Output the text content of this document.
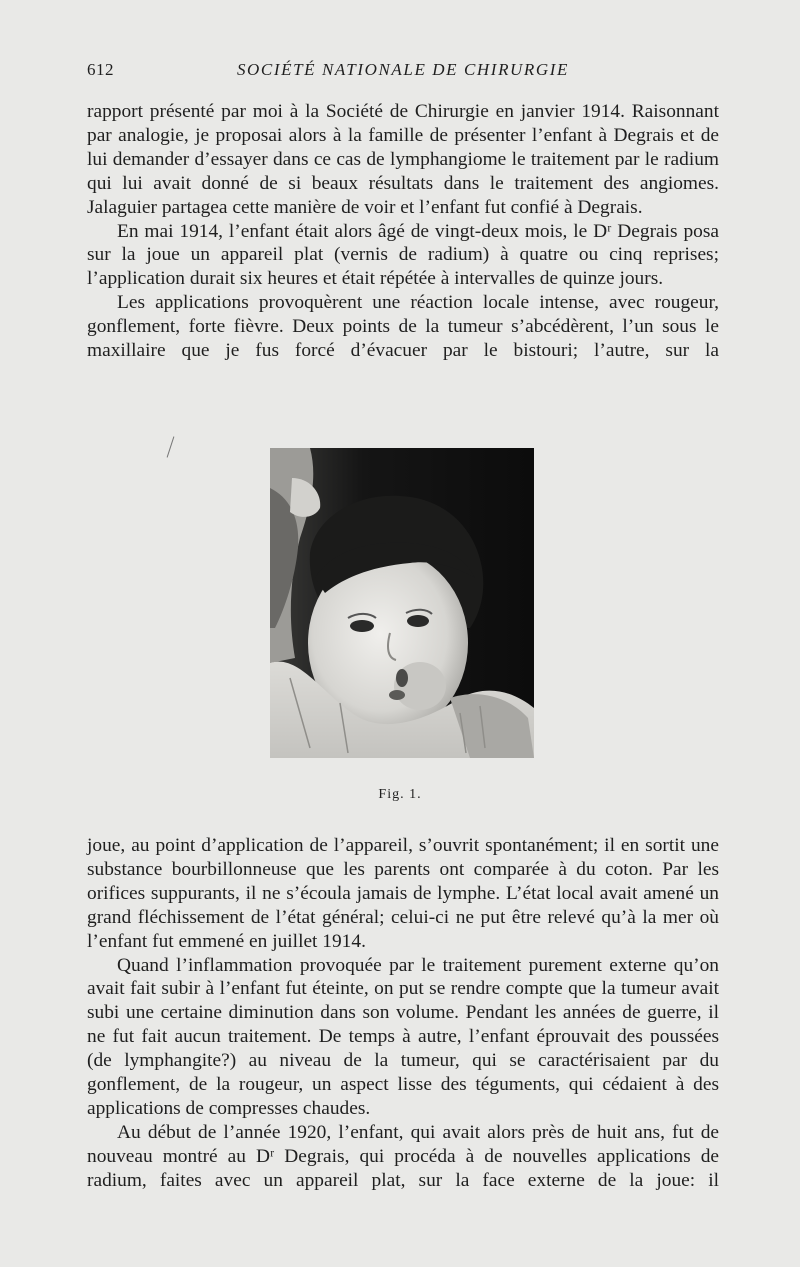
612	SOCIÉTÉ NATIONALE DE CHIRURGIE

rapport présenté par moi à la Société de Chirurgie en janvier 1914. Raisonnant par analogie, je proposai alors à la famille de présenter l’enfant à Degrais et de lui demander d’essayer dans ce cas de lymphangiome le traitement par le radium qui lui avait donné de si beaux résultats dans le traitement des angiomes. Jalaguier partagea cette manière de voir et l’enfant fut confié à Degrais.

En mai 1914, l’enfant était alors âgé de vingt-deux mois, le Dʳ Degrais posa sur la joue un appareil plat (vernis de radium) à quatre ou cinq reprises; l’application durait six heures et était répétée à intervalles de quinze jours.

Les applications provoquèrent une réaction locale intense, avec rougeur, gonflement, forte fièvre. Deux points de la tumeur s’abcédèrent, l’un sous le maxillaire que je fus forcé d’évacuer par le bistouri; l’autre, sur la

Fig. 1.

joue, au point d’application de l’appareil, s’ouvrit spontanément; il en sortit une substance bourbillonneuse que les parents ont comparée à du coton. Par les orifices suppurants, il ne s’écoula jamais de lymphe. L’état local avait amené un grand fléchissement de l’état général; celui-ci ne put être relevé qu’à la mer où l’enfant fut emmené en juillet 1914.

Quand l’inflammation provoquée par le traitement purement externe qu’on avait fait subir à l’enfant fut éteinte, on put se rendre compte que la tumeur avait subi une certaine diminution dans son volume. Pendant les années de guerre, il ne fut fait aucun traitement. De temps à autre, l’enfant éprouvait des poussées (de lymphangite?) au niveau de la tumeur, qui se caractérisaient par du gonflement, de la rougeur, un aspect lisse des téguments, qui cédaient à des applications de compresses chaudes.

Au début de l’année 1920, l’enfant, qui avait alors près de huit ans, fut de nouveau montré au Dʳ Degrais, qui procéda à de nouvelles applications de radium, faites avec un appareil plat, sur la face externe de la joue: il
